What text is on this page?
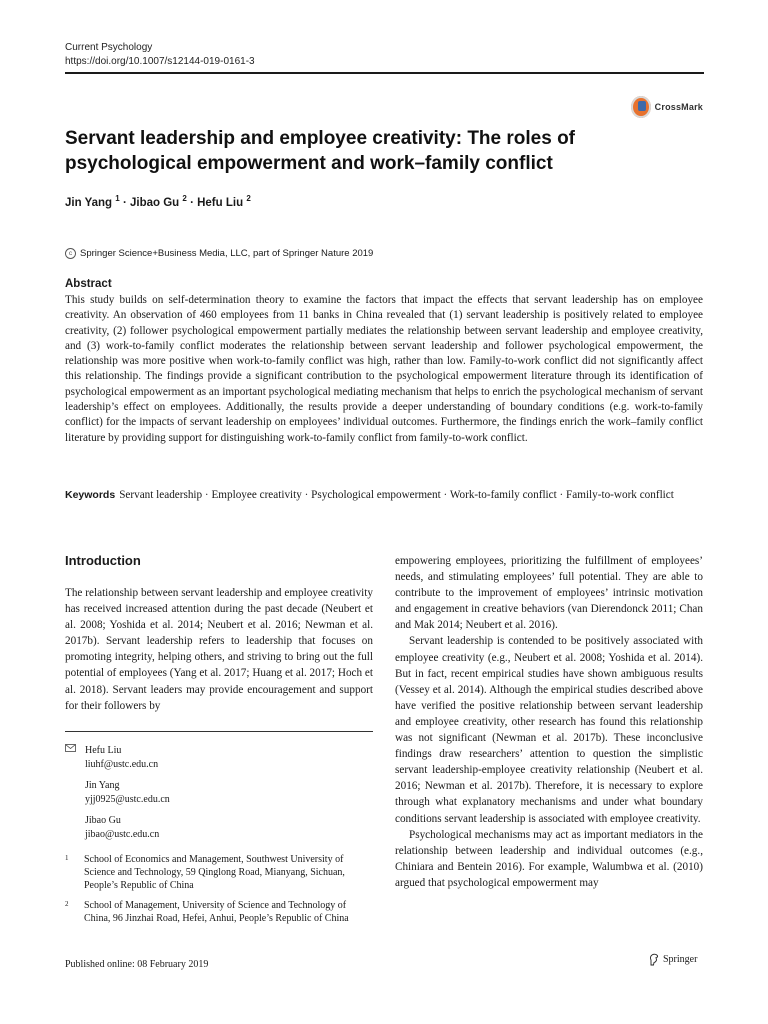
Current Psychology
https://doi.org/10.1007/s12144-019-0161-3
CrossMark
Servant leadership and employee creativity: The roles of psychological empowerment and work–family conflict
Jin Yang $^1$ · Jibao Gu $^2$ · Hefu Liu $^2$
c Springer Science+Business Media, LLC, part of Springer Nature 2019
Abstract
This study builds on self-determination theory to examine the factors that impact the effects that servant leadership has on employee creativity. An observation of 460 employees from 11 banks in China revealed that (1) servant leadership is positively related to employee creativity, (2) follower psychological empowerment partially mediates the relationship between servant leadership and employee creativity, and (3) work-to-family conflict moderates the relationship between servant leadership and follower psychological empowerment, the relationship was more positive when work-to-family conflict was high, rather than low. Family-to-work conflict did not significantly affect this relationship. The findings provide a significant contribution to the psychological empowerment literature through its identification of psychological empowerment as an important psychological mediating mechanism that helps to enrich the psychological mechanism of servant leadership’s effect on employees. Additionally, the results provide a deeper understanding of boundary conditions (e.g. work-to-family conflict) for the impacts of servant leadership on employees’ individual outcomes. Furthermore, the findings enrich the work–family conflict literature by providing support for distinguishing work-to-family conflict from family-to-work conflict.
Keywords Servant leadership · Employee creativity · Psychological empowerment · Work-to-family conflict · Family-to-work conflict
Introduction

The relationship between servant leadership and employee creativity has received increased attention during the past decade (Neubert et al. 2008; Yoshida et al. 2014; Neubert et al. 2016; Newman et al. 2017b). Servant leadership refers to leadership that focuses on promoting integrity, helping others, and striving to bring out the full potential of employees (Yang et al. 2017; Huang et al. 2017; Hoch et al. 2018). Servant leaders may provide encouragement and support for their followers by

empowering employees, prioritizing the fulfillment of employees’ needs, and stimulating employees’ full potential. They are able to contribute to the improvement of employees’ intrinsic motivation and engagement in creative behaviors (van Dierendonck 2011; Chan and Mak 2014; Neubert et al. 2016).

Servant leadership is contended to be positively associated with employee creativity (e.g., Neubert et al. 2008; Yoshida et al. 2014). But in fact, recent empirical studies have shown ambiguous results (Vessey et al. 2014). Although the empirical studies described above have verified the positive relationship between servant leadership and employee creativity, other research has found this relationship was not significant (Newman et al. 2017b). These inconclusive findings draw researchers’ attention to question the simplistic servant leadership-employee creativity relationship (Neubert et al. 2016; Newman et al. 2017b). Therefore, it is necessary to explore through what explanatory mechanisms and under what boundary conditions servant leadership is associated with employee creativity.

Psychological mechanisms may act as important mediators in the relationship between leadership and individual outcomes (e.g., Chiniara and Bentein 2016). For example, Walumbwa et al. (2010) argued that psychological empowerment may

Hefu Liu
liuhf@ustc.edu.cn
Jin Yang
yjj0925@ustc.edu.cn
Jibao Gu
jibao@ustc.edu.cn
1 School of Economics and Management, Southwest University of Science and Technology, 59 Qinglong Road, Mianyang, Sichuan, People’s Republic of China
2 School of Management, University of Science and Technology of China, 96 Jinzhai Road, Hefei, Anhui, People’s Republic of China
Published online: 08 February 2019	Springer
